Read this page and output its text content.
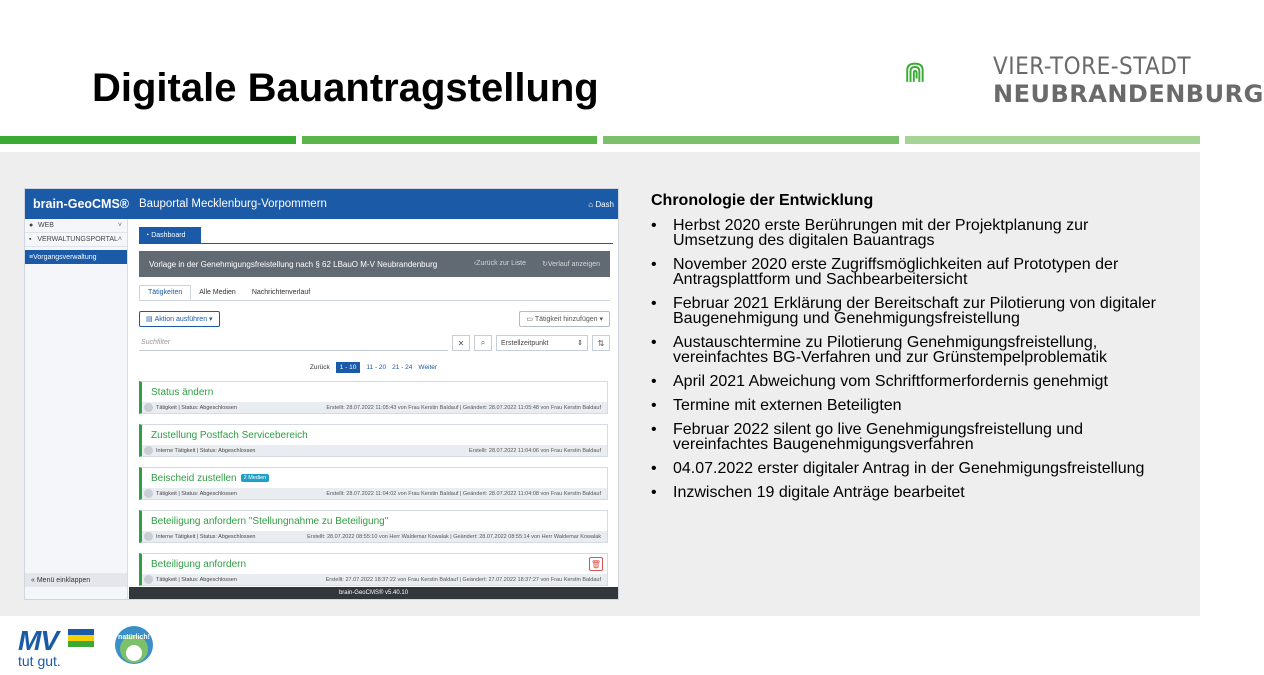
Digitale Bauantragstellung	VIER-TORE-STADT
NEUBRANDENBURG
brain-GeoCMS® Bauportal Mecklenburg-Vorpommern	⌂ Dash
● WEB	˅
▪ VERWALTUNGSPORTAL ˄
≡ Vorgangsverwaltung
« Menü einklappen
◔ Dashboard
Vorlage in der Genehmigungsfreistellung nach § 62 LBauO M-V Neubrandenburg	‹Zurück zur Liste ↻Verlauf anzeigen
Tätigkeiten	Alle Medien	Nachrichtenverlauf
▤ Aktion ausführen ▾	▭ Tätigkeit hinzufügen ▾
Suchfilter	✕ ⌕ Erstellzeitpunkt	⇕ ⇅
Zurück	1 - 10	11 - 20 21 - 24 Weiter
Status ändern
Tätigkeit | Status: Abgeschlossen	Erstellt: 28.07.2022 11:05:43 von Frau Kerstin Baldauf | Geändert: 28.07.2022 11:05:48 von Frau Kerstin Baldauf
Zustellung Postfach Servicebereich
Interne Tätigkeit | Status: Abgeschlossen	Erstellt: 28.07.2022 11:04:06 von Frau Kerstin Baldauf
Beischeid zustellen	2 Medien
Tätigkeit | Status: Abgeschlossen	Erstellt: 28.07.2022 11:04:02 von Frau Kerstin Baldauf | Geändert: 28.07.2022 11:04:08 von Frau Kerstin Baldauf
Beteiligung anfordern "Stellungnahme zu Beteiligung"
Interne Tätigkeit | Status: Abgeschlossen	Erstellt: 28.07.2022 08:55:10 von Herr Waldemar Kowalak | Geändert: 28.07.2022 08:55:14 von Herr Waldemar Kowalak
Beteiligung anfordern	🗑
Tätigkeit | Status: Abgeschlossen	Erstellt: 27.07.2022 18:37:22 von Frau Kerstin Baldauf | Geändert: 27.07.2022 18:37:27 von Frau Kerstin Baldauf
brain-GeoCMS® v5.40.10
Chronologie der Entwicklung
• Herbst 2020 erste Berührungen mit der Projektplanung zur Umsetzung des digitalen Bauantrags
• November 2020 erste Zugriffsmöglichkeiten auf Prototypen der Antragsplattform und Sachbearbeitersicht
• Februar 2021 Erklärung der Bereitschaft zur Pilotierung von digitaler Baugenehmigung und Genehmigungsfreistellung
• Austauschtermine zu Pilotierung Genehmigungsfreistellung, vereinfachtes BG-Verfahren und zur Grünstempelproblematik
• April 2021 Abweichung vom Schriftformerfordernis genehmigt
• Termine mit externen Beteiligten
• Februar 2022 silent go live Genehmigungsfreistellung und vereinfachtes Baugenehmigungsverfahren
• 04.07.2022 erster digitaler Antrag in der Genehmigungsfreistellung
• Inzwischen 19 digitale Anträge bearbeitet
MV
tut gut.
natürlich!
